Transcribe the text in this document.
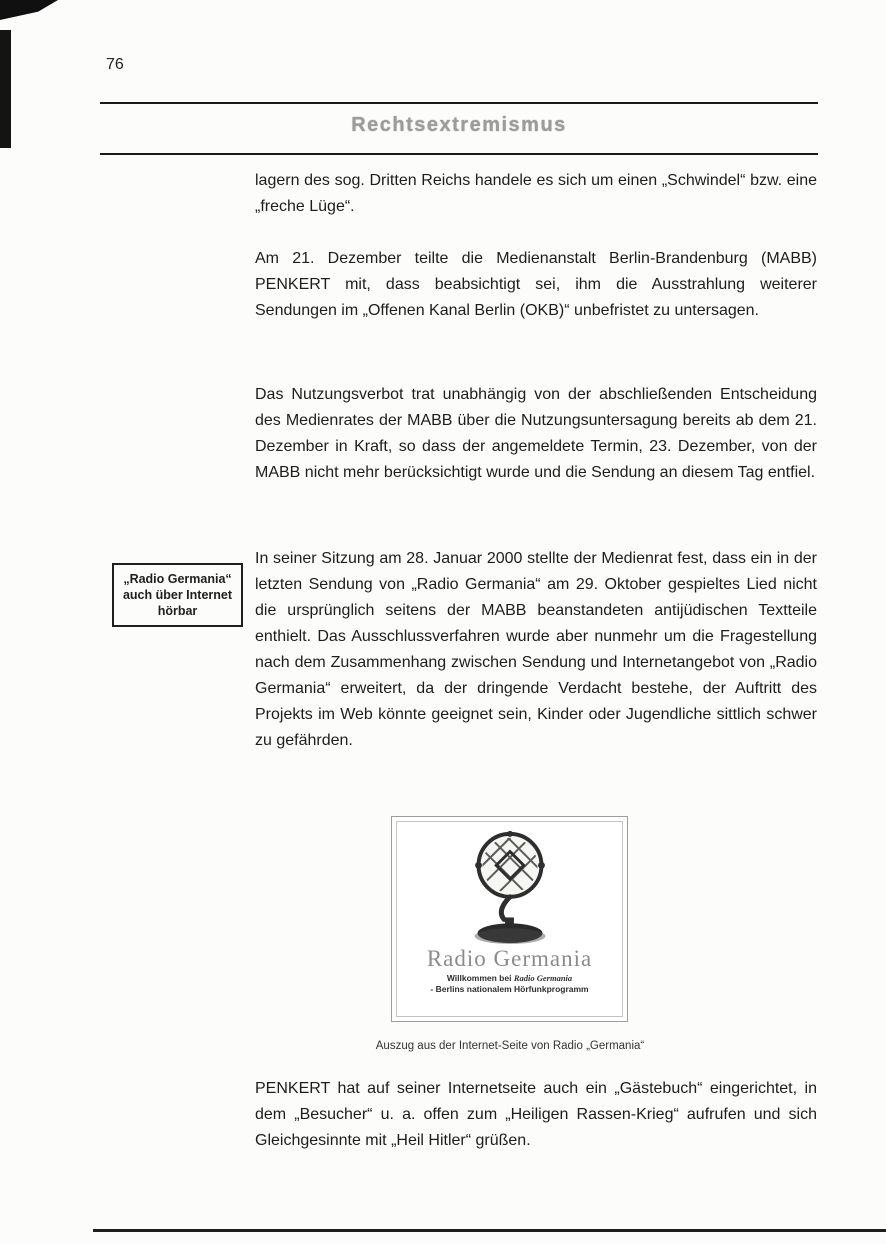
76
Rechtsextremismus

lagern des sog. Dritten Reichs handele es sich um einen „Schwindel“ bzw. eine „freche Lüge“.

Am 21. Dezember teilte die Medienanstalt Berlin-Brandenburg (MABB) PENKERT mit, dass beabsichtigt sei, ihm die Ausstrahlung weiterer Sendungen im „Offenen Kanal Berlin (OKB)“ unbefristet zu untersagen.

Das Nutzungsverbot trat unabhängig von der abschließenden Entscheidung des Medienrates der MABB über die Nutzungsuntersagung bereits ab dem 21. Dezember in Kraft, so dass der angemeldete Termin, 23. Dezember, von der MABB nicht mehr berücksichtigt wurde und die Sendung an diesem Tag entfiel.

In seiner Sitzung am 28. Januar 2000 stellte der Medienrat fest, dass ein in der letzten Sendung von „Radio Germania“ am 29. Oktober gespieltes Lied nicht die ursprünglich seitens der MABB beanstandeten antijüdischen Textteile enthielt. Das Ausschlussverfahren wurde aber nunmehr um die Fragestellung nach dem Zusammenhang zwischen Sendung und Internetangebot von „Radio Germania“ erweitert, da der dringende Verdacht bestehe, der Auftritt des Projekts im Web könnte geeignet sein, Kinder oder Jugendliche sittlich schwer zu gefährden.

PENKERT hat auf seiner Internetseite auch ein „Gästebuch“ eingerichtet, in dem „Besucher“ u. a. offen zum „Heiligen Rassen-Krieg“ aufrufen und sich Gleichgesinnte mit „Heil Hitler“ grüßen.

„Radio Germania“ auch über Internet hörbar
Radio Germania
Willkommen bei Radio Germania
- Berlins nationalem Hörfunkprogramm
Auszug aus der Internet-Seite von Radio „Germania“
